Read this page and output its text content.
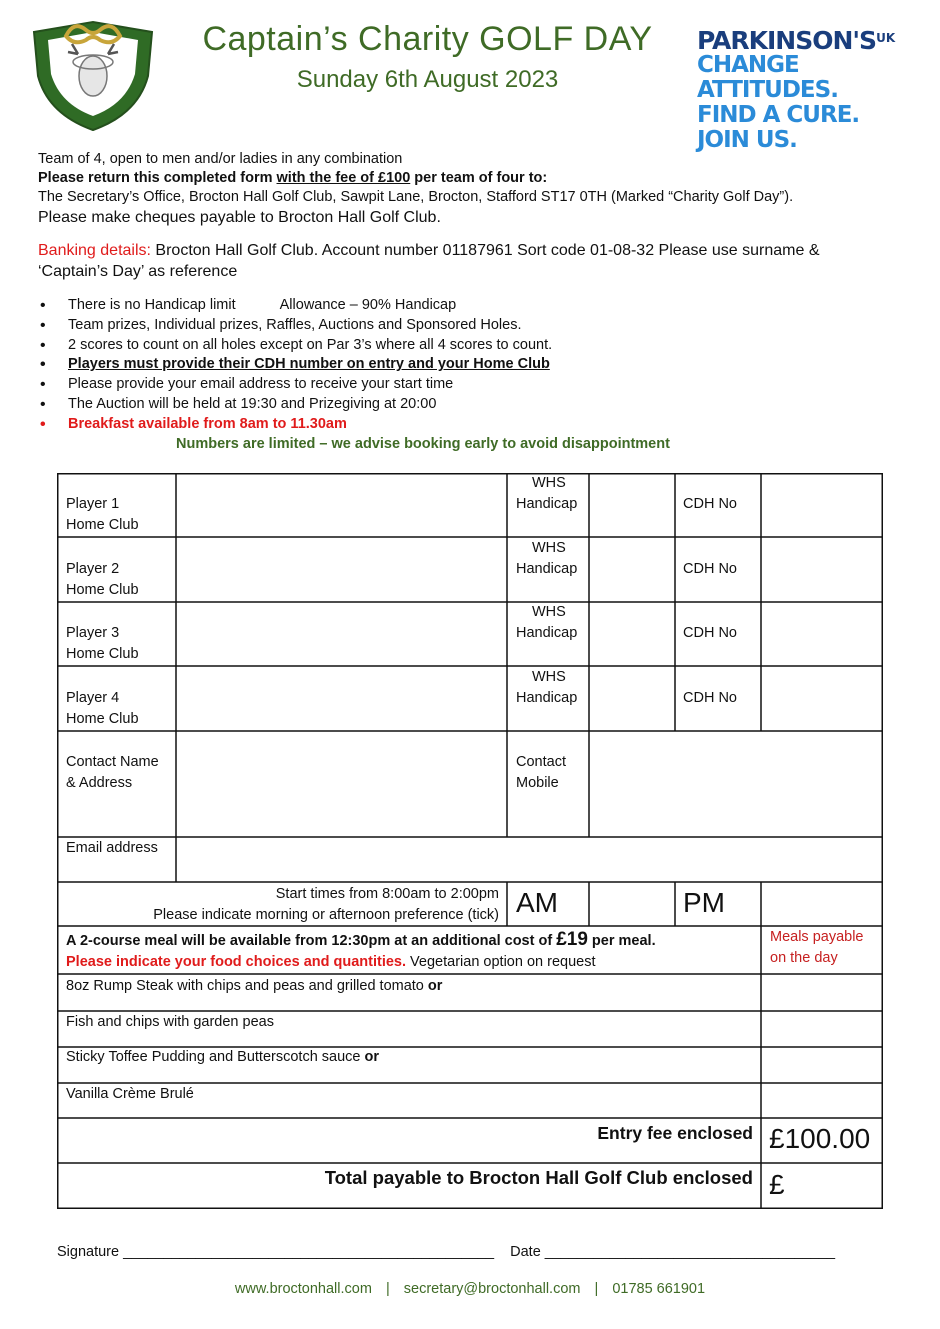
Captain’s Charity GOLF DAY
Sunday 6th August 2023
$PARKINSON'S^{UK}$
CHANGE ATTITUDES.
FIND A CURE.
JOIN US.
Team of 4, open to men and/or ladies in any combination
Please return this completed form with the fee of £100 per team of four to:
The Secretary’s Office, Brocton Hall Golf Club, Sawpit Lane, Brocton, Stafford ST17 0TH (Marked “Charity Golf Day”).
Please make cheques payable to Brocton Hall Golf Club.
Banking details: Brocton Hall Golf Club. Account number 01187961 Sort code 01-08-32 Please use surname & ‘Captain’s Day’ as reference
• There is no Handicap limit	Allowance – 90% Handicap
• Team prizes, Individual prizes, Raffles, Auctions and Sponsored Holes.
• 2 scores to count on all holes except on Par 3’s where all 4 scores to count.
• Players must provide their CDH number on entry and your Home Club
• Please provide your email address to receive your start time
• The Auction will be held at 19:30 and Prizegiving at 20:00
• Breakfast available from 8am to 11.30am
Numbers are limited – we advise booking early to avoid disappointment
Player 1
Home Club
Player 2
Home Club
Player 3
Home Club
Player 4
Home Club
WHS
Handicap
WHS
Handicap
WHS
Handicap
WHS
Handicap
CDH No
CDH No
CDH No
CDH No
Contact Name
& Address
Contact
Mobile
Email address
Start times from 8:00am to 2:00pm
Please indicate morning or afternoon preference (tick) AM	PM
A 2-course meal will be available from 12:30pm at an additional cost of £19 per meal.
Please indicate your food choices and quantities. Vegetarian option on request
Meals payable
on the day
8oz Rump Steak with chips and peas and grilled tomato or
Fish and chips with garden peas
Sticky Toffee Pudding and Butterscotch sauce or
Vanilla Crème Brulé
Entry fee enclosed £100.00
Total payable to Brocton Hall Golf Club enclosed £
Signature ______________________________________________ Date ____________________________________
www.broctonhall.com | secretary@broctonhall.com | 01785 661901
